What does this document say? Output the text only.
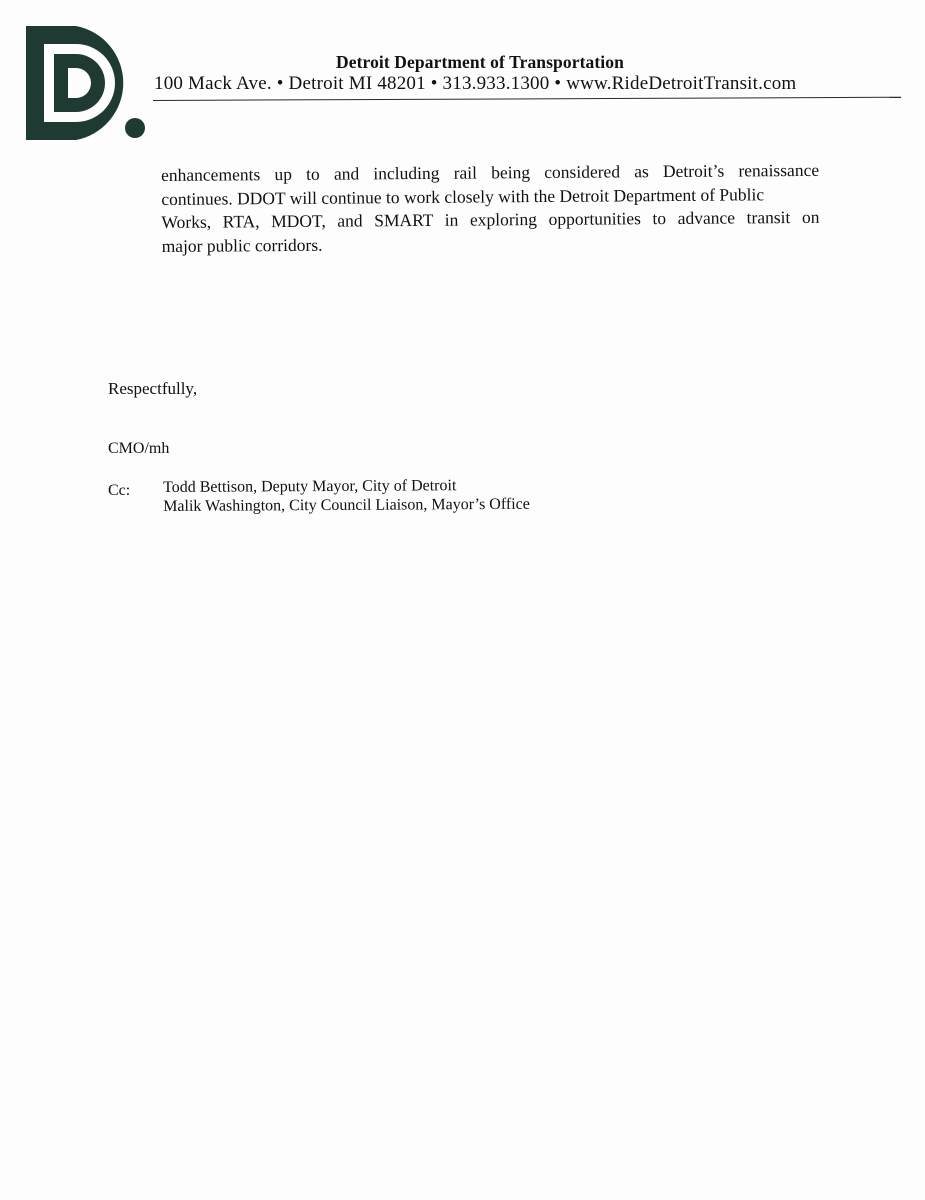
Detroit Department of Transportation
100 Mack Ave. • Detroit MI 48201 • 313.933.1300 • www.RideDetroitTransit.com
enhancements up to and including rail being considered as Detroit’s renaissance
continues. DDOT will continue to work closely with the Detroit Department of Public
Works, RTA, MDOT, and SMART in exploring opportunities to advance transit on
major public corridors.
Respectfully,
CMO/mh
Cc: Todd Bettison, Deputy Mayor, City of Detroit
Malik Washington, City Council Liaison, Mayor’s Office
